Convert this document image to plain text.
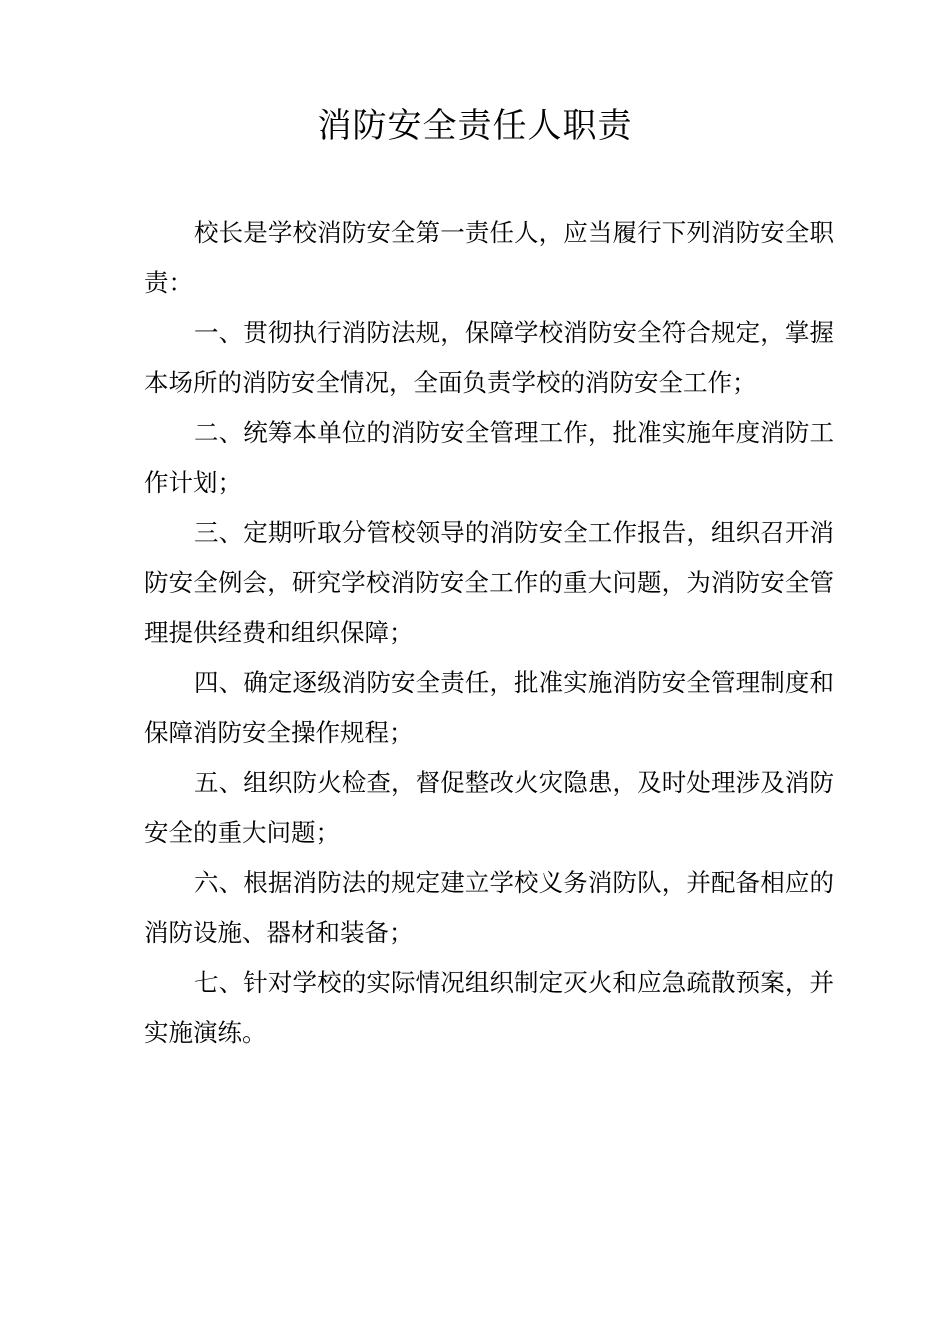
消防安全责任人职责

校长是学校消防安全第一责任人，应当履行下列消防安全职责：

一、贯彻执行消防法规，保障学校消防安全符合规定，掌握本场所的消防安全情况，全面负责学校的消防安全工作；

二、统筹本单位的消防安全管理工作，批准实施年度消防工作计划；

三、定期听取分管校领导的消防安全工作报告，组织召开消防安全例会，研究学校消防安全工作的重大问题，为消防安全管理提供经费和组织保障；

四、确定逐级消防安全责任，批准实施消防安全管理制度和保障消防安全操作规程；

五、组织防火检查，督促整改火灾隐患，及时处理涉及消防安全的重大问题；

六、根据消防法的规定建立学校义务消防队，并配备相应的消防设施、器材和装备；

七、针对学校的实际情况组织制定灭火和应急疏散预案，并实施演练。
